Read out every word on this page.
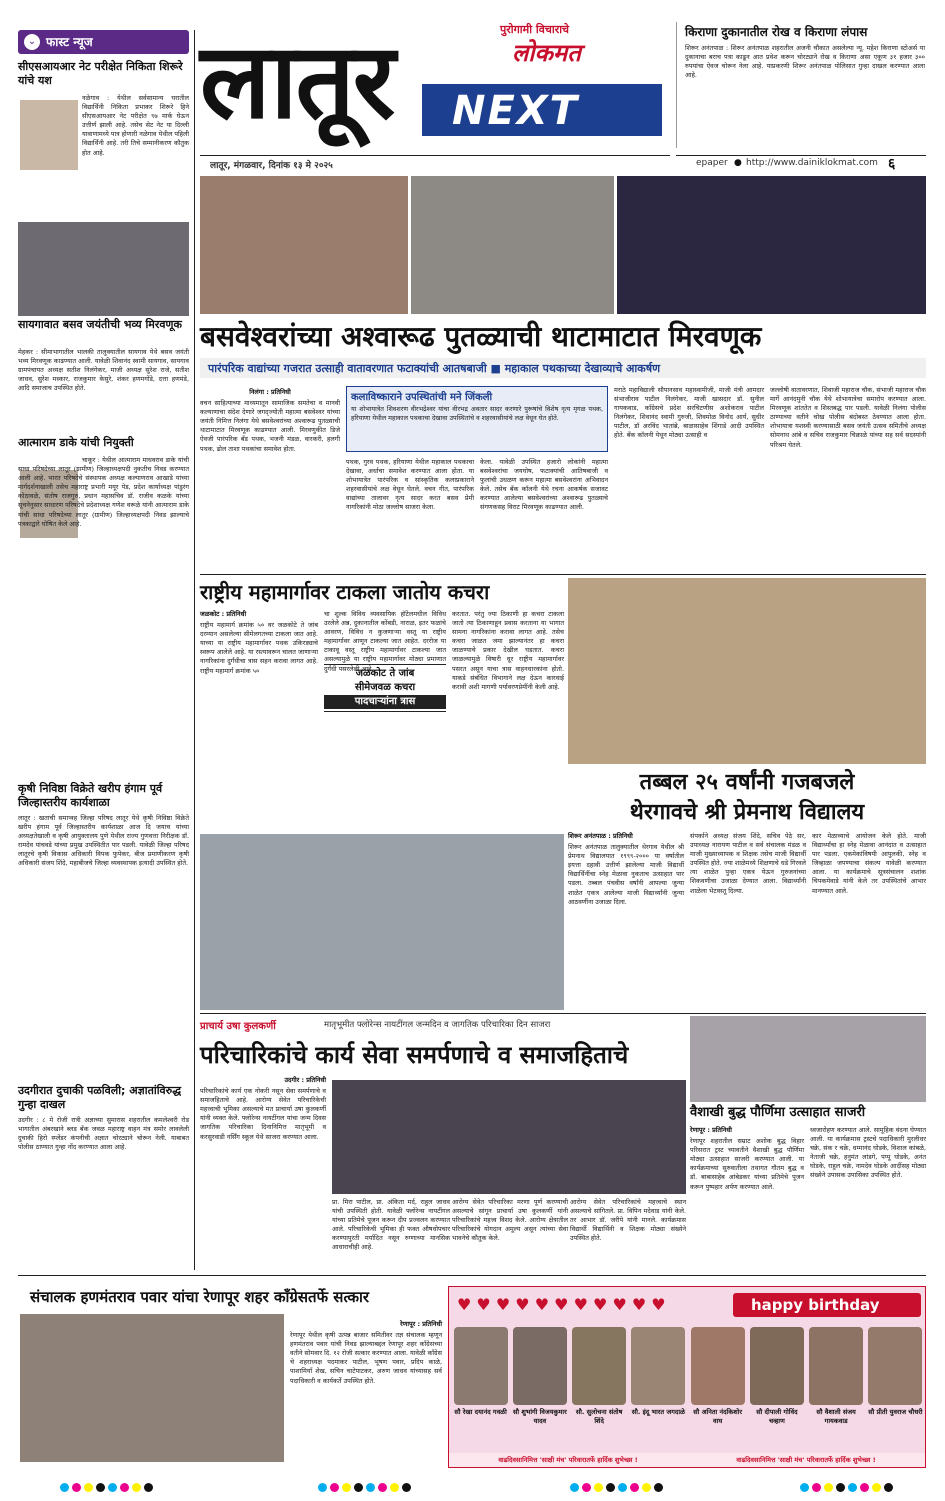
⌄ फास्ट न्यूज
सीएसआयआर नेट परीक्षेत निकिता शिरूरे यांचे यश
नळेगाव : येथील सर्वसामान्य घरातील विद्यार्थिनी निकिता प्रभाकर शिरूरे हिने सीएसआयआर नेट परीक्षेत ९७ मार्क घेऊन उत्तीर्ण झाली आहे. तसेच सेट नेट या दिल्ली यावाणामध्ये पात्र होणारी नळेगाव येथील पहिली विद्यार्थिनी आहे. तरी तिचे सम्मानीकरण कौतुक होत आहे.
सायगावात बसव जयंतीची भव्य मिरवणूक
मेहकर : सीमाभागातील भालकी तालुक्यातील सायगाव येथे बसव जयंती भव्य मिरवणूक काढण्यात आली. यावेळी शिवानंद स्वामी सायगाव, सायगाव ग्रामपंचायत अध्यक्ष सतीश निलंगेकर, माजी अध्यक्ष सुरेश राजे, सतीश जाधव, सुरेश मस्कार, राजकुमार केसुरे, शंकर हणमगोंडे, दत्ता हणमंडे, आदि समाजाच उपस्थित होते.
आत्माराम डाके यांची नियुक्ती
चाकूर : येथील आत्माराम माधवराव डाके यांची साधा परिषदेच्या लातूर (ग्रामीण) जिल्हाध्यक्षपदी नुकतीच निवड करण्यात आली आहे. भारत परिषदेचे संस्थापक अध्यक्ष कल्याणराव आखाडे यांच्या मार्गदर्शनाखाली तसेच महाराष्ट्र प्रभारी मयूर पेड, प्रदेश कार्याध्यक्ष पांडुरंग कोठावळे, संतोष राजगुरु, प्रधान महासचिव डॉ. राजीव कळके यांच्या सूचनेनुसार साधारण परिषदेचे प्रदेशाध्यक्ष गणेश वरूळे यांनी आत्माराम डाके यांची साधा परिषदेच्या लातूर (ग्रामीण) जिल्हाध्यक्षपदी निवड झाल्याचे पत्रकाद्वारे घोषित केले आहे.
कृषी निविष्ठा विक्रेते खरीप हंगाम पूर्व जिल्हास्तरीय कार्यशाळा
लातूर : खताची समाप्त्रह जिल्हा परिषद लातूर येथे कृषी निविष्ठा विक्रेते खरीप हंगाम पूर्व जिल्हास्तरीय कार्यशाळा आज दि जयाच यांच्या अध्यक्षतेखाली व कृषी आयुक्तालय पुणे येथील राज्य गुणवत्ता निरीक्षक डॉ. रामदेव पांचवडे यांच्या प्रमुख उपस्थितीत पार पडली. यावेळी जिल्हा परिषद लातूरचे कृषी विकास अधिकारी विपक फुपेकर, बीज प्रमाणीकरण कृषी अधिकारी संजय शिंदे, महाबीजचे जिल्हा व्यवस्थापक इत्यादी उपस्थित होते.
उदगीरात दुचाकी पळविली; अज्ञातांविरुद्ध गुन्हा दाखल
उदगीर : ८ मे रोजी रात्री अज्ञाच्या सुमारास शहरातील कमलेश्वरी रोड भागातील अंबरखाने ब्लड बँक जवळ महाराष्ट्र वाहन मंत्र समोर लावलेली दुचाकी हिरो स्प्लेंडर कंपनीची अज्ञात चोरट्याने चोरून नेली. याबाबत पोलीस ठाण्यात गुन्हा नोंद करण्यात आला आहे.
लातूर	पुरोगामी विचाराचे
लोकमत
NEXT
लातूर, मंगळवार, दिनांक १३ मे २०२५	epaper ● http://www.dainiklokmat.com ६
किराणा दुकानातील रोख व किराणा लंपास
शिरूर अनंतपाळ : शिरूर अनंतपाळ शहरातील अजनी चौकात असलेल्या न्यू. महेश किराणा स्टोअर्स या दुकानाचा बराच पत्रा काढून आत प्रवेश करून चोरट्याने रोख व किराणा असा एकूण ३१ हजार ३०० रुपयांचा ऐवज चोरून नेला आहे. याप्रकरणी शिरूर अनंतपाळ पोलिसात गुन्हा दाखल करण्यात आला आहे.
बसवेश्वरांच्या अश्वारूढ पुतळ्याची थाटामाटात मिरवणूक
पारंपरिक वाद्यांच्या गजरात उत्साही वातावरणात फटाक्यांची आतषबाजी ■ महाकाल पथकाच्या देखाव्याचे आकर्षण
निलंगा : प्रतिनिधी
वचन साहित्याच्या माध्यमातून सामाजिक समतेचा व मानवी कल्याणाचा संदेश देणारे जगद्ज्योती महात्मा बसवेश्वर यांच्या जयंती निमित्त निलंगा येथे बसवेश्वरांच्या अश्वारूढ पुतळ्याची थाटामाटात मिरवणूक काढण्यात आली. मिरवणुकीत डिजे ऐवजी पारंपरिक बँड पथक, भजनी मंडळ, वारकरी, हलगी पथक, ढोल ताशा पथकांचा समावेश होता.
कलाविष्काराने उपस्थितांची मने जिंकली
या शोभायात्रेत शिवशरण वीरभद्रेश्वर यांचा वीरभद्र अवतार सादर करणारे पुरूषांचे विशेष नृत्य मृगळ पथक, हरियाणा येथील महाकाल पथकाचा देखावा उपस्थितांचे व शहरवासीयांचे लक्ष वेधून घेत होते.
पथक, गुरव पथक, हरियाणा येथील महाकाल पथकाचा देखावा, अर्धाचा समावेश करण्यात आला होता. या शोभायात्रेत पारंपरिक व सांस्कृतिक कलाप्रकाराने शहरवासीयांचे लक्ष वेधून घेतले. वचन गीत, पारंपरिक वाद्यांच्या तालावर नृत्य सादर करत बसव प्रेमी नागरिकांनी मोठा जल्लोष साजरा केला.
केला. यावेळी उपस्थित हजारो लोकांनी महात्मा बसवेश्वरांचा जयघोष, फटाक्यांची आतिषबाजी व फुलांची उधळण करून महात्मा बसवेश्वरांना अभिवादन केले. तसेच बँक कॉलनी येथे रचना आकर्षक सजावट करण्यात आलेल्या बसवेश्वरांच्या अश्वारूढ पुतळ्याचे संगणकसह विराट मिरवणूक काढण्यात आली.
मराठे महाविद्याली सौपानसाव महास्वामीजी, माजी मंत्री आमदार संभाजीराव पाटील निलंगेकर, माजी खासदार डॉ. सुनील गायकवाड, काँग्रेसचे प्रदेश सरचिटणीस अशोकराव पाटील निलंगेकर, शिवानंद स्वामी गुरुजी, शिवमोळ विनोद आर्य, सुधीर पाटील, डॉ अरविंद भातांब्रे, बाळासाहेब शिंगाडे आदी उपस्थित होते. बँक कॉलनी येथून मोठ्या उत्साही व
जल्लोषी वातावरणात, शिवाजी महाराज चौक, संभाजी महाराज चौक मार्गे आनंदमुनी चौक येथे शोभायात्रेचा समारोप करण्यात आला. मिरवणूक शांततेत व शिस्तबद्ध पार पडली. यावेळी निलंगा पोलीस ठाण्याच्या वतीने चोख पोलीस बंदोबस्त ठेवण्यात आला होता. शोभायात्रा यशस्वी करण्यासाठी बसव जयंती उत्सव समितीचे अध्यक्ष सोमनाथ आंबे व सचिव राजकुमार चिक्राळे यांच्या सह सर्व सदस्यांनी परिश्रम घेतले.
राष्ट्रीय महामार्गावर टाकला जातोय कचरा
जळकोट : प्रतिनिधी
राष्ट्रीय महामार्ग क्रमांक ५० वर जळकोटे ते जांब दरम्यान असलेल्या सीमेलगतच्या टाकला जात आहे. याच्या या राष्ट्रीय महामार्गावर पथक उकिरड्याचे स्वरूप आलेले आहे. या रस्त्यावरून चालत जाणाऱ्या नागरिकांना दुर्गंधीचा त्रास सहन करावा लागत आहे. राष्ट्रीय महामार्ग क्रमांक ५०
चा शुल्क विविध व्यवसायिक हॉटेलमधील विविध उरलेले अन्न, दुकानातील कोंबडी, नाराळ, इतर फळांचे आवरण, विविध न कुजणाऱ्या वस्तू या राष्ट्रीय महामार्गावर आणून टाकल्या जात आहेत. दररोज या टाकावू वस्तू राष्ट्रीय महामार्गावर टाकल्या जात असल्यामुळे या राष्ट्रीय महामार्गावर मोठ्या प्रमाणात दुर्गंधी पसरलेली आहे.
जळकोट ते जांब
सीमेजवळ कचरा
पादचाऱ्यांना त्रास
करतात. परंतु ज्या ठिकाणी हा कचरा टाकला जातो त्या ठिकाणाहून प्रवास करताना या भागात सामना नागरिकांना करावा लागत आहे. तसेच कचरा जाळत जमा झाल्यानंतर हा कचरा जाळण्याचे प्रकार देखील घडतात. कचरा जाळल्यामुळे विषारी धूर राष्ट्रीय महामार्गावर पसरत असून याचा त्रास वाहनधारकांना होतो. याकडे संबंधित विभागाने लक्ष देऊन कारवाई करावी अशी मागणी पर्यावरणप्रेमींनी केली आहे.
तब्बल २५ वर्षांनी गजबजले
थेरगावचे श्री प्रेमनाथ विद्यालय
शिरूर अनंतपाळ : प्रतिनिधी
शिरूर अनंतपाळ तालुक्यातील थेरगाव येथील श्री प्रेमनाथ विद्यालयात १९९९-२००० या वर्षातील इयत्ता दहावी उत्तीर्ण झालेल्या माजी विद्यार्थी विद्यार्थिनींचा स्नेह मेळावा नुकताच उत्साहात पार पडला. तब्बल पंचवीस वर्षांनी आपल्या जुन्या शाळेत एकत्र आलेल्या माजी विद्यार्थ्यांनी जुन्या आठवणींना उजाळा दिला.
संपर्काने अध्यक्ष संजय शिंदे, सचिव पेठे सर, उपाध्यक्ष नारायण पाटील व सर्व संचालक मंडळ व माजी मुख्याध्यापक व शिक्षक तसेच माजी विद्यार्थी उपस्थित होते. ज्या शाळेमध्ये शिक्षणाचे धडे गिरवले त्या शाळेत पुन्हा एकत्र येऊन गुरुजनांच्या शिकवणीचा उजाळा देण्यात आला. विद्यार्थ्यांनी शाळेला भेटवस्तू दिल्या.
कार मेळाव्याचे आयोजन केले होते. माजी विद्यार्थ्यांचा हा स्नेह मेळावा आनंदात व उत्साहात पार पडला. एकमेकांविषयी आपुलकी, स्नेह व जिव्हाळा जपण्याचा संकल्प यावेळी करण्यात आला. या कार्यक्रमाचे सूत्रसंचालन शशांक चिपकमेवाडे यांनी केले तर उपस्थितांचे आभार मानण्यात आले.
प्राचार्य उषा कुलकर्णी	मातृभूमीत फ्लोरेन्स नायटींगल जन्मदिन व जागतिक परिचारिका दिन साजरा
परिचारिकांचे कार्य सेवा समर्पणाचे व समाजहिताचे
उदगीर : प्रतिनिधी
परिचारिकांचे कार्य एक नोकरी नसून सेवा समर्पणाचे व समाजहिताचे आहे. आरोग्य सेवेत परिचारिकेची महत्त्वाची भूमिका असल्याचे मत प्राचार्या उषा कुलकर्णी यांनी व्यक्त केले. फ्लोरेन्स नायटींगल यांचा जन्म दिवस जागतिक परिचारिका दिनानिमित्त मातृभूमी व करसुरवाडी नर्सिंग स्कूल येथे साजरा करण्यात आला.
प्रा. मिरा पाटील, प्रा. अंकिता मर्द, राहुल जाधव यांची उपस्थिती होती. यावेळी फ्लोरेन्स नायटींगल यांच्या प्रतिमेचे पूजन करून दीप प्रज्वलन करण्यात आले. परिचारिकेची भूमिका ही फक्त औषधोपचार करण्यापुरती मर्यादित नसून रुग्णाच्या मानसिक आधाराचीही आहे.
आरोग्य सेवेत परिचारिका मरणा पूर्ण करण्याची असल्याचे सांगून प्राचार्या उषा कुलकर्णी यांनी परिचारिकांचे महत्त्व विशद केले. आरोग्य क्षेत्रातील परिचारिकांचे योगदान अमूल्य असून त्यांच्या सेवा भावनेचे कौतुक केले.
आरोग्य सेवेत परिचारिकांचे महत्त्वाचे स्थान असल्याचे सांगितले. प्रा. विपिन मदेवाड यांनी केले. तर आभार डॉ. जरीपे यांनी मानले. कार्यक्रमास विद्यार्थी विद्यार्थिनी व शिक्षक मोठ्या संख्येने उपस्थित होते.
वैशाखी बुद्ध पौर्णिमा उत्साहात साजरी
रेणापूर : प्रतिनिधी
रेणापूर शहरातील सम्राट अशोक बुद्ध विहार परिसरात ट्रस्ट च्यावतीने वैशाखी बुद्ध पौर्णिमा मोठ्या उत्साहात साजरी करण्यात आली. या कार्यक्रमाच्या सुरुवातीला तथागत गौतम बुद्ध व डॉ. बाबासाहेब आंबेडकर यांच्या प्रतिमेचे पूजन करून पुष्पहार अर्पण करण्यात आले.
ध्वजारोहण करण्यात आले. सामूहिक वंदना घेण्यात आली. या कार्यक्रमास ट्रस्टचे पदाधिकारी मुरलीधर चक्रे, संक र चक्रे, धम्मानंद घोडके, विशाल कांबळे, नेताजी चक्रे, हनुमंत लांडगे, पप्पू घोडके, अनंत घोडके, राहुल चक्रे, नामदेव घोडके आदींसह मोठ्या संख्येने उपासक उपासिका उपस्थित होते.
संचालक हणमंतराव पवार यांचा रेणापूर शहर काँग्रेसतर्फे सत्कार
रेणापूर : प्रतिनिधी
रेणापूर येथील कृषी उत्पन्न बाजार समितीवर तज्ञ संचालक म्हणून हणमंतराव पवार यांची निवड झाल्याबद्दल रेणापूर शहर काँग्रेसच्या वतीने सोमवार दि. १२ रोजी सत्कार करण्यात आला. यावेळी काँग्रेस चे शहराध्यक्ष पदमाकर पाटील, भूषण पवार, प्रदिप काळे, पाशामियाँ शेख, सचिन चाटेपाटकर, अरुण जाधव यांच्यासह सर्व पदाधिकारी व कार्यकर्ते उपस्थित होते.
happy birthday
♥ ♥ ♥ ♥ ♥ ♥ ♥ ♥ ♥ ♥ ♥
सौ रेखा दयानंद गवळी सौ शुभांगी विजयकुमार यादव
सौ. सुलोचना संतोष शिंदे
सौ. इंदू भारत जगदाळे	सौ अनिता नंदकिशोर वाघ
सौ दीपाली गोविंद चव्हाण
सौ वैशाली संजय गायकवाड
सौ प्रीती युवराज चौधरी
वाढदिवसानिमित्त 'साक्षी मंच' परिवारातर्फे हार्दिक शुभेच्छा !	वाढदिवसानिमित्त 'साक्षी मंच' परिवारातर्फे हार्दिक शुभेच्छा !
